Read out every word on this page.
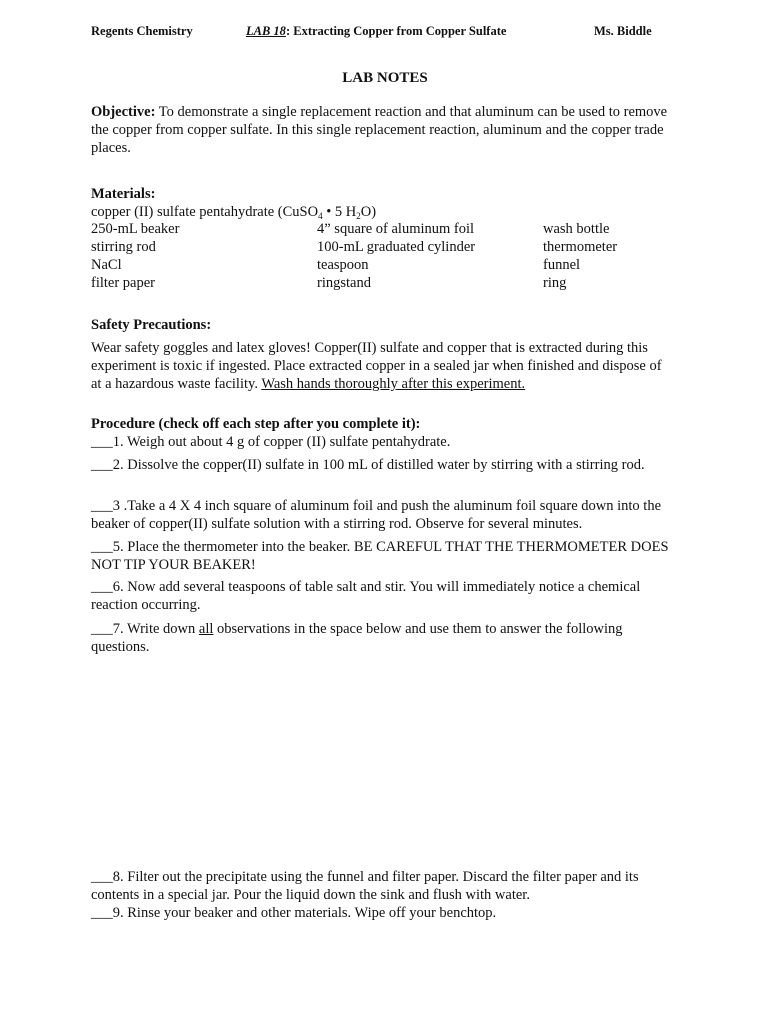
Regents Chemistry	LAB 18: Extracting Copper from Copper Sulfate	Ms. Biddle
LAB NOTES
Objective: To demonstrate a single replacement reaction and that aluminum can be used to remove the copper from copper sulfate. In this single replacement reaction, aluminum and the copper trade places.
Materials:
copper (II) sulfate pentahydrate (CuSO$_4$ • 5 $H_2O$)
250-mL beaker	4” square of aluminum foil	wash bottle
stirring rod	100-mL graduated cylinder	thermometer
NaCl	teaspoon	funnel
filter paper	ringstand	ring
Safety Precautions:
Wear safety goggles and latex gloves! Copper(II) sulfate and copper that is extracted during this experiment is toxic if ingested. Place extracted copper in a sealed jar when finished and dispose of at a hazardous waste facility. Wash hands thoroughly after this experiment.
Procedure (check off each step after you complete it):
___1. Weigh out about 4 g of copper (II) sulfate pentahydrate.
___2. Dissolve the copper(II) sulfate in 100 mL of distilled water by stirring with a stirring rod.
___3 .Take a 4 X 4 inch square of aluminum foil and push the aluminum foil square down into the beaker of copper(II) sulfate solution with a stirring rod. Observe for several minutes.
___5. Place the thermometer into the beaker. BE CAREFUL THAT THE THERMOMETER DOES NOT TIP YOUR BEAKER!
___6. Now add several teaspoons of table salt and stir. You will immediately notice a chemical reaction occurring.
___7. Write down all observations in the space below and use them to answer the following questions.
___8. Filter out the precipitate using the funnel and filter paper. Discard the filter paper and its contents in a special jar. Pour the liquid down the sink and flush with water.
___9. Rinse your beaker and other materials. Wipe off your benchtop.
